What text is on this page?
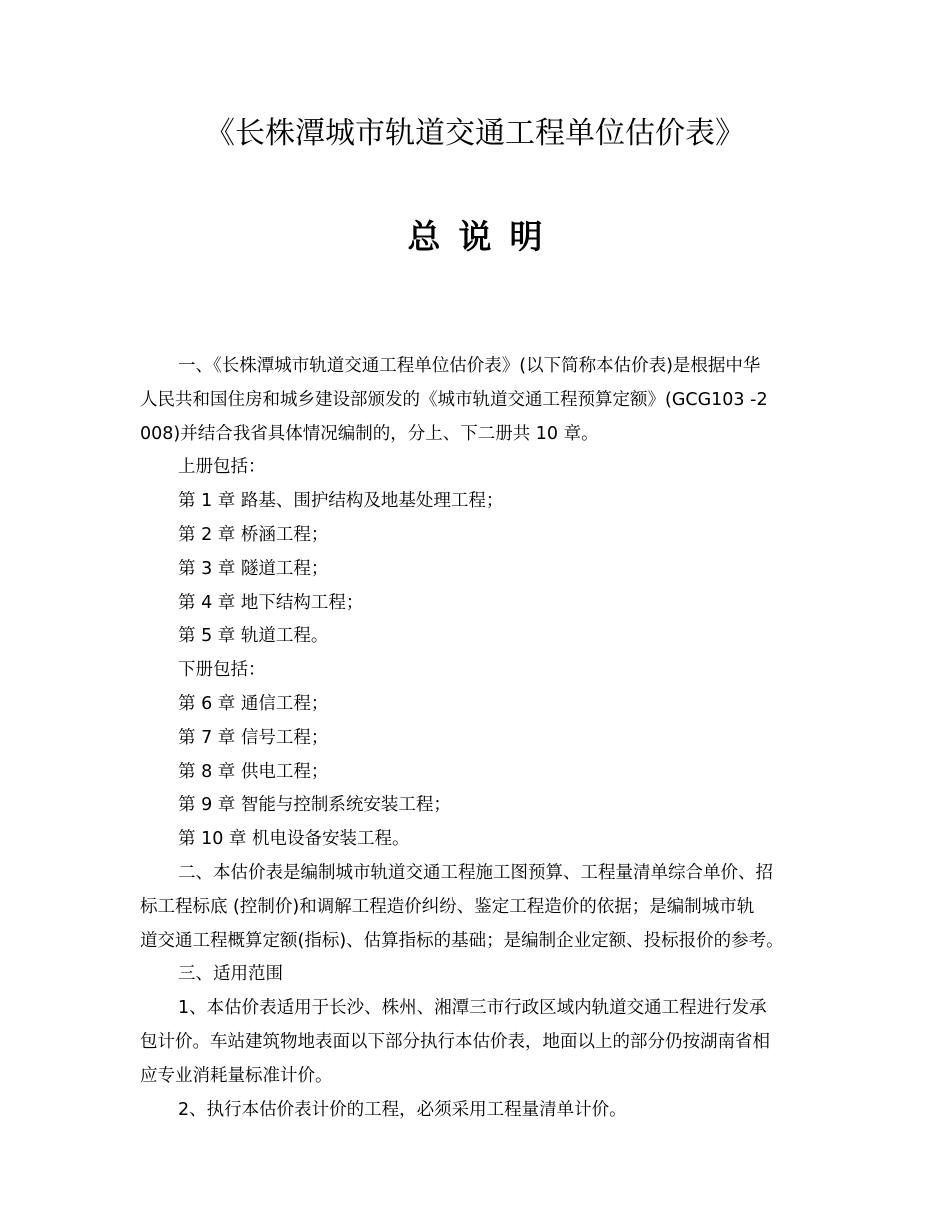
《长株潭城市轨道交通工程单位估价表》
总说明
一、《长株潭城市轨道交通工程单位估价表》(以下简称本估价表)是根据中华
人民共和国住房和城乡建设部颁发的《城市轨道交通工程预算定额》(GCG103 -2
008)并结合我省具体情况编制的，分上、下二册共 10 章。
上册包括：
第 1 章 路基、围护结构及地基处理工程；
第 2 章 桥涵工程；
第 3 章 隧道工程；
第 4 章 地下结构工程；
第 5 章 轨道工程。
下册包括：
第 6 章 通信工程；
第 7 章 信号工程；
第 8 章 供电工程；
第 9 章 智能与控制系统安装工程；
第 10 章 机电设备安装工程。
二、本估价表是编制城市轨道交通工程施工图预算、工程量清单综合单价、招
标工程标底 (控制价)和调解工程造价纠纷、鉴定工程造价的依据；是编制城市轨
道交通工程概算定额(指标)、估算指标的基础；是编制企业定额、投标报价的参考。
三、适用范围
1、本估价表适用于长沙、株州、湘潭三市行政区域内轨道交通工程进行发承
包计价。车站建筑物地表面以下部分执行本估价表，地面以上的部分仍按湖南省相
应专业消耗量标准计价。
2、执行本估价表计价的工程，必须采用工程量清单计价。
